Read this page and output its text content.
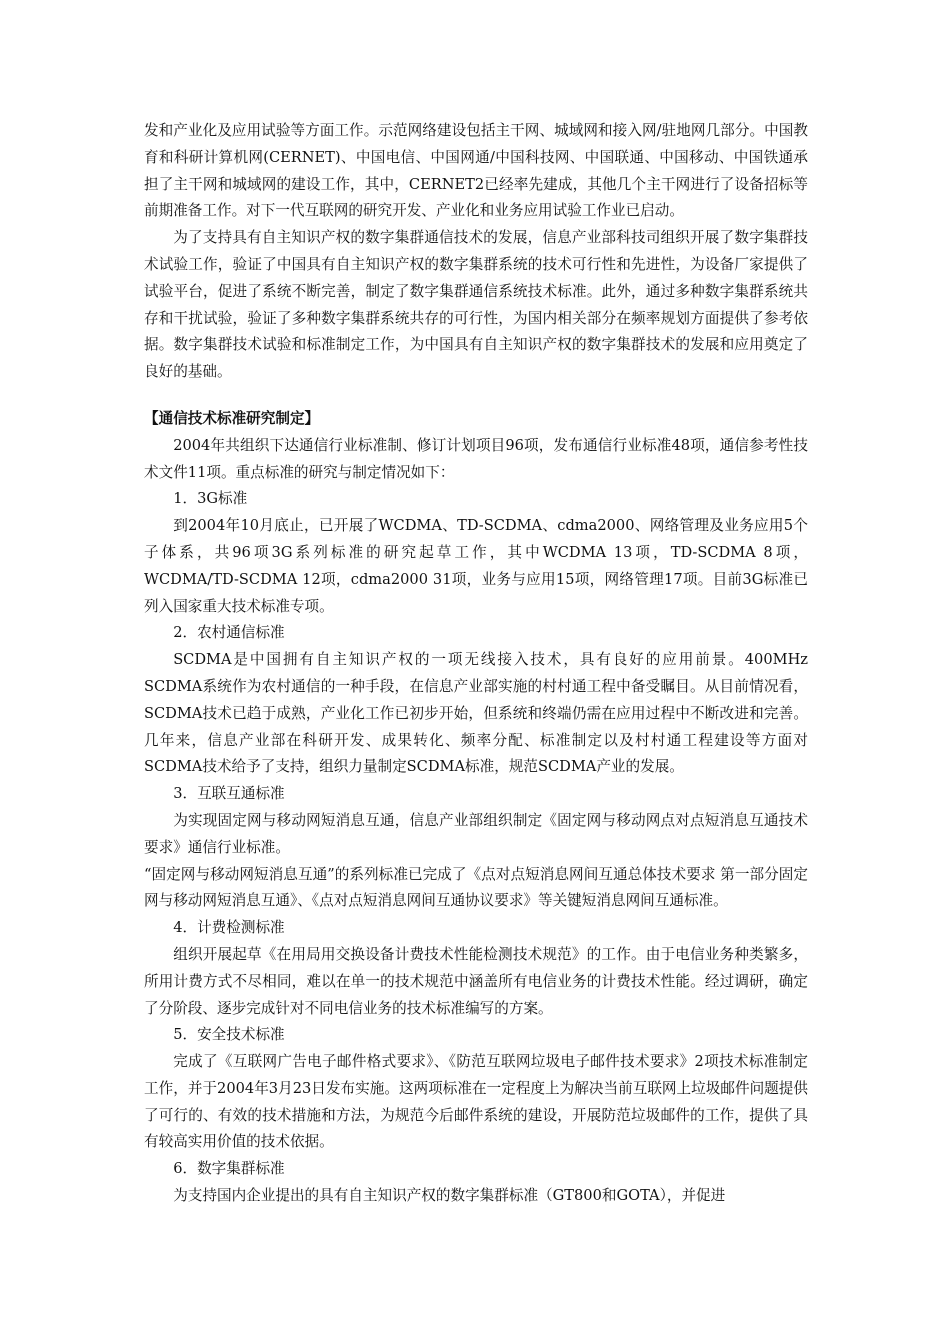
发和产业化及应用试验等方面工作。示范网络建设包括主干网、城域网和接入网/驻地网几部分。中国教育和科研计算机网(CERNET)、中国电信、中国网通/中国科技网、中国联通、中国移动、中国铁通承担了主干网和城域网的建设工作，其中，CERNET2已经率先建成，其他几个主干网进行了设备招标等前期准备工作。对下一代互联网的研究开发、产业化和业务应用试验工作业已启动。

为了支持具有自主知识产权的数字集群通信技术的发展，信息产业部科技司组织开展了数字集群技术试验工作，验证了中国具有自主知识产权的数字集群系统的技术可行性和先进性，为设备厂家提供了试验平台，促进了系统不断完善，制定了数字集群通信系统技术标准。此外，通过多种数字集群系统共存和干扰试验，验证了多种数字集群系统共存的可行性，为国内相关部分在频率规划方面提供了参考依据。数字集群技术试验和标准制定工作，为中国具有自主知识产权的数字集群技术的发展和应用奠定了良好的基础。

【通信技术标准研究制定】

2004年共组织下达通信行业标准制、修订计划项目96项，发布通信行业标准48项，通信参考性技术文件11项。重点标准的研究与制定情况如下：

1．3G标准

到2004年10月底止，已开展了WCDMA、TD-SCDMA、cdma2000、网络管理及业务应用5个子体系，共96项3G系列标准的研究起草工作，其中WCDMA 13项，TD-SCDMA 8项，WCDMA/TD-SCDMA 12项，cdma2000 31项，业务与应用15项，网络管理17项。目前3G标准已列入国家重大技术标准专项。

2．农村通信标准

SCDMA是中国拥有自主知识产权的一项无线接入技术，具有良好的应用前景。400MHz SCDMA系统作为农村通信的一种手段，在信息产业部实施的村村通工程中备受瞩目。从目前情况看，SCDMA技术已趋于成熟，产业化工作已初步开始，但系统和终端仍需在应用过程中不断改进和完善。几年来，信息产业部在科研开发、成果转化、频率分配、标准制定以及村村通工程建设等方面对SCDMA技术给予了支持，组织力量制定SCDMA标准，规范SCDMA产业的发展。

3．互联互通标准

为实现固定网与移动网短消息互通，信息产业部组织制定《固定网与移动网点对点短消息互通技术要求》通信行业标准。

“固定网与移动网短消息互通”的系列标准已完成了《点对点短消息网间互通总体技术要求 第一部分固定网与移动网短消息互通》、《点对点短消息网间互通协议要求》等关键短消息网间互通标准。

4．计费检测标准

组织开展起草《在用局用交换设备计费技术性能检测技术规范》的工作。由于电信业务种类繁多，所用计费方式不尽相同，难以在单一的技术规范中涵盖所有电信业务的计费技术性能。经过调研，确定了分阶段、逐步完成针对不同电信业务的技术标准编写的方案。

5．安全技术标准

完成了《互联网广告电子邮件格式要求》、《防范互联网垃圾电子邮件技术要求》2项技术标准制定工作，并于2004年3月23日发布实施。这两项标准在一定程度上为解决当前互联网上垃圾邮件问题提供了可行的、有效的技术措施和方法，为规范今后邮件系统的建设，开展防范垃圾邮件的工作，提供了具有较高实用价值的技术依据。

6．数字集群标准

为支持国内企业提出的具有自主知识产权的数字集群标准（GT800和GOTA），并促进
